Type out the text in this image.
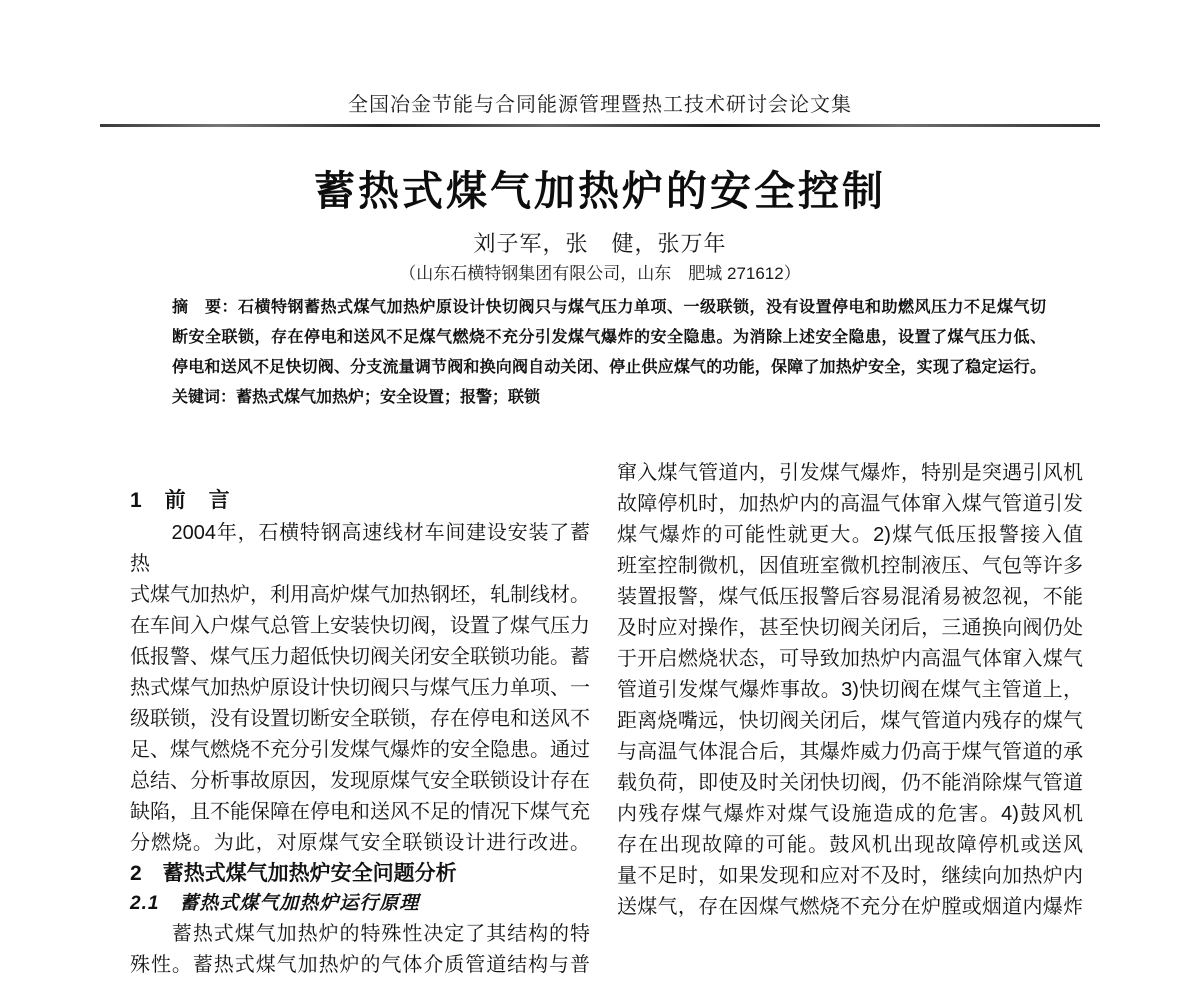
全国冶金节能与合同能源管理暨热工技术研讨会论文集
蓄热式煤气加热炉的安全控制
刘子军，张　健，张万年
（山东石横特钢集团有限公司，山东　肥城 271612）
摘　要：石横特钢蓄热式煤气加热炉原设计快切阀只与煤气压力单项、一级联锁，没有设置停电和助燃风压力不足煤气切
断安全联锁，存在停电和送风不足煤气燃烧不充分引发煤气爆炸的安全隐患。为消除上述安全隐患，设置了煤气压力低、
停电和送风不足快切阀、分支流量调节阀和换向阀自动关闭、停止供应煤气的功能，保障了加热炉安全，实现了稳定运行。
关键词：蓄热式煤气加热炉；安全设置；报警；联锁
1　前　言
　　2004年，石横特钢高速线材车间建设安装了蓄热
式煤气加热炉，利用高炉煤气加热钢坯，轧制线材。
在车间入户煤气总管上安装快切阀，设置了煤气压力
低报警、煤气压力超低快切阀关闭安全联锁功能。蓄
热式煤气加热炉原设计快切阀只与煤气压力单项、一
级联锁，没有设置切断安全联锁，存在停电和送风不
足、煤气燃烧不充分引发煤气爆炸的安全隐患。通过
总结、分析事故原因，发现原煤气安全联锁设计存在
缺陷，且不能保障在停电和送风不足的情况下煤气充
分燃烧。为此，对原煤气安全联锁设计进行改进。
2　蓄热式煤气加热炉安全问题分析
2.1　蓄热式煤气加热炉运行原理
　　蓄热式煤气加热炉的特殊性决定了其结构的特
殊性。蓄热式煤气加热炉的气体介质管道结构与普
窜入煤气管道内，引发煤气爆炸，特别是突遇引风机
故障停机时，加热炉内的高温气体窜入煤气管道引发
煤气爆炸的可能性就更大。2)煤气低压报警接入值
班室控制微机，因值班室微机控制液压、气包等许多
装置报警，煤气低压报警后容易混淆易被忽视，不能
及时应对操作，甚至快切阀关闭后，三通换向阀仍处
于开启燃烧状态，可导致加热炉内高温气体窜入煤气
管道引发煤气爆炸事故。3)快切阀在煤气主管道上，
距离烧嘴远，快切阀关闭后，煤气管道内残存的煤气
与高温气体混合后，其爆炸威力仍高于煤气管道的承
载负荷，即使及时关闭快切阀，仍不能消除煤气管道
内残存煤气爆炸对煤气设施造成的危害。4)鼓风机
存在出现故障的可能。鼓风机出现故障停机或送风
量不足时，如果发现和应对不及时，继续向加热炉内
送煤气，存在因煤气燃烧不充分在炉膛或烟道内爆炸
